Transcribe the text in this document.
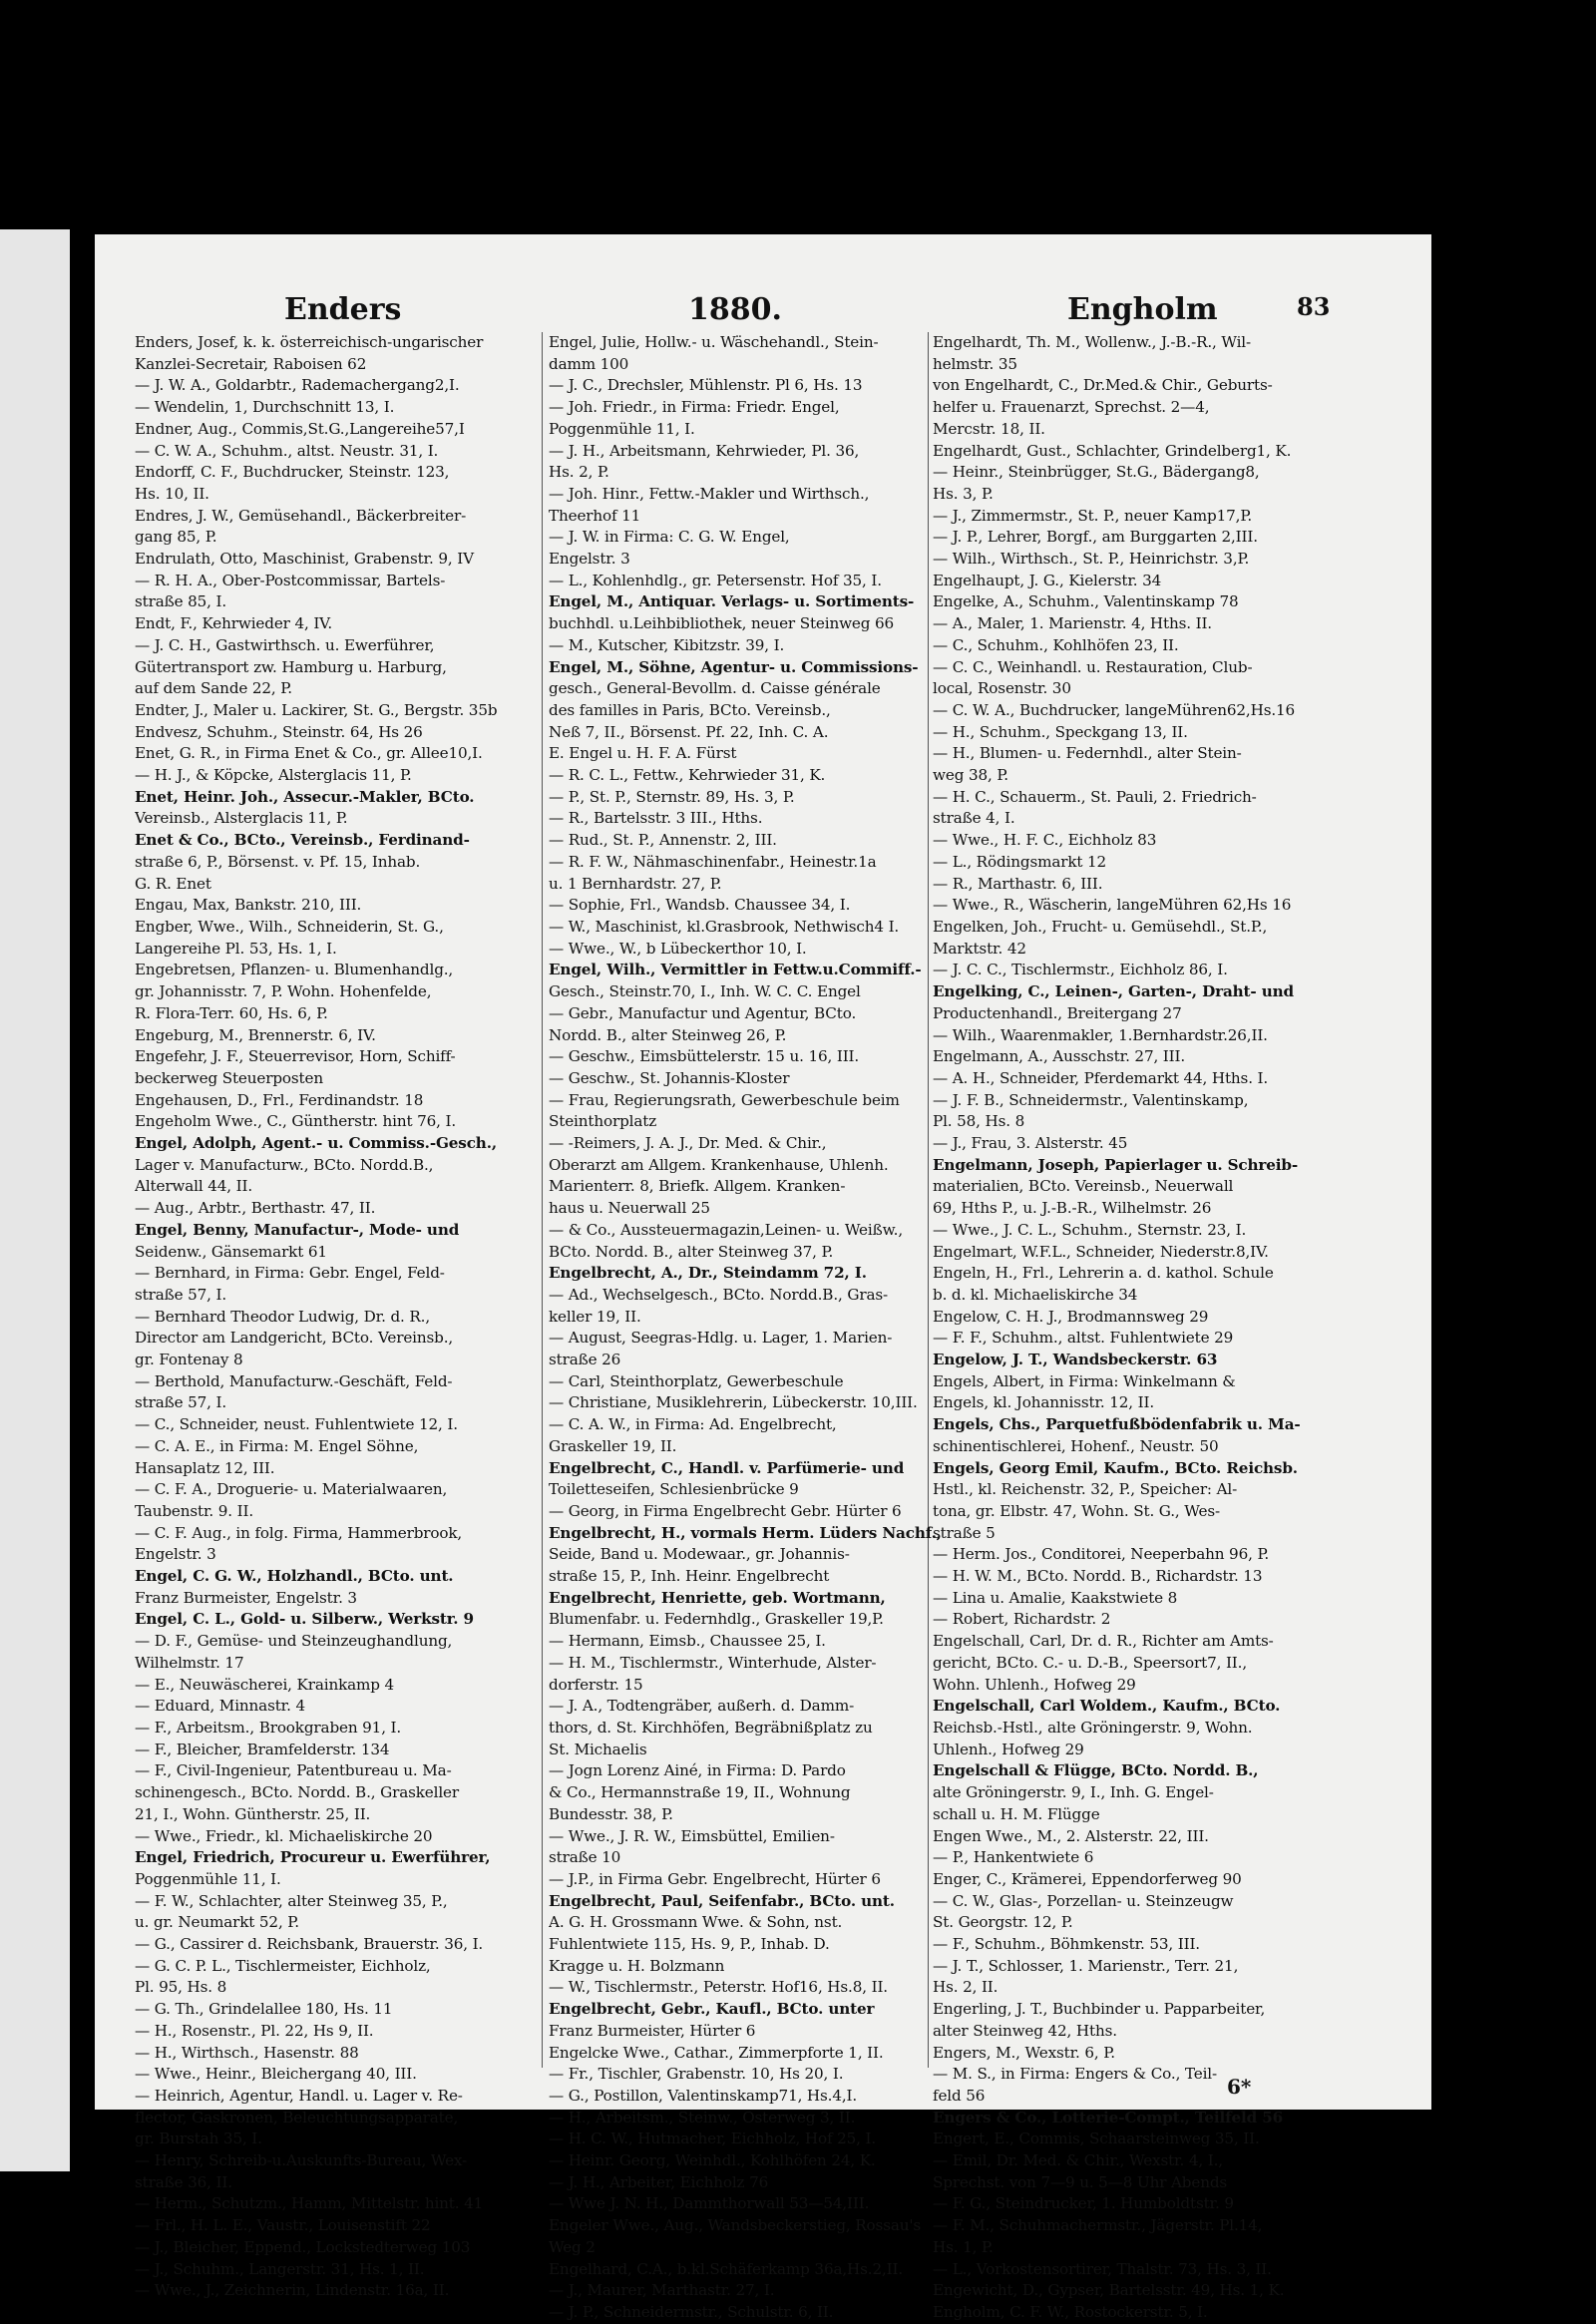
Enders	1880.	Engholm	83
Enders, Josef, k. k. österreichisch-ungarischer
Kanzlei-Secretair, Raboisen 62
— J. W. A., Goldarbtr., Rademachergang2,I.
— Wendelin, 1, Durchschnitt 13, I.
Endner, Aug., Commis,St.G.,Langereihe57,I
— C. W. A., Schuhm., altst. Neustr. 31, I.
Endorff, C. F., Buchdrucker, Steinstr. 123,
Hs. 10, II.
Endres, J. W., Gemüsehandl., Bäckerbreiter-
gang 85, P.
Endrulath, Otto, Maschinist, Grabenstr. 9, IV
— R. H. A., Ober-Postcommissar, Bartels-
straße 85, I.
Endt, F., Kehrwieder 4, IV.
— J. C. H., Gastwirthsch. u. Ewerführer,
Gütertransport zw. Hamburg u. Harburg,
auf dem Sande 22, P.
Endter, J., Maler u. Lackirer, St. G., Bergstr. 35b
Endvesz, Schuhm., Steinstr. 64, Hs 26
Enet, G. R., in Firma Enet & Co., gr. Allee10,I.
— H. J., & Köpcke, Alsterglacis 11, P.
Enet, Heinr. Joh., Assecur.-Makler, BCto.
Vereinsb., Alsterglacis 11, P.
Enet & Co., BCto., Vereinsb., Ferdinand-
straße 6, P., Börsenst. v. Pf. 15, Inhab.
G. R. Enet
Engau, Max, Bankstr. 210, III.
Engber, Wwe., Wilh., Schneiderin, St. G.,
Langereihe Pl. 53, Hs. 1, I.
Engebretsen, Pflanzen- u. Blumenhandlg.,
gr. Johannisstr. 7, P. Wohn. Hohenfelde,
R. Flora-Terr. 60, Hs. 6, P.
Engeburg, M., Brennerstr. 6, IV.
Engefehr, J. F., Steuerrevisor, Horn, Schiff-
beckerweg Steuerposten
Engehausen, D., Frl., Ferdinandstr. 18
Engeholm Wwe., C., Güntherstr. hint 76, I.
Engel, Adolph, Agent.- u. Commiss.-Gesch.,
Lager v. Manufacturw., BCto. Nordd.B.,
Alterwall 44, II.
— Aug., Arbtr., Berthastr. 47, II.
Engel, Benny, Manufactur-, Mode- und
Seidenw., Gänsemarkt 61
— Bernhard, in Firma: Gebr. Engel, Feld-
straße 57, I.
— Bernhard Theodor Ludwig, Dr. d. R.,
Director am Landgericht, BCto. Vereinsb.,
gr. Fontenay 8
— Berthold, Manufacturw.-Geschäft, Feld-
straße 57, I.
— C., Schneider, neust. Fuhlentwiete 12, I.
— C. A. E., in Firma: M. Engel Söhne,
Hansaplatz 12, III.
— C. F. A., Droguerie- u. Materialwaaren,
Taubenstr. 9. II.
— C. F. Aug., in folg. Firma, Hammerbrook,
Engelstr. 3
Engel, C. G. W., Holzhandl., BCto. unt.
Franz Burmeister, Engelstr. 3
Engel, C. L., Gold- u. Silberw., Werkstr. 9
— D. F., Gemüse- und Steinzeughandlung,
Wilhelmstr. 17
— E., Neuwäscherei, Krainkamp 4
— Eduard, Minnastr. 4
— F., Arbeitsm., Brookgraben 91, I.
— F., Bleicher, Bramfelderstr. 134
— F., Civil-Ingenieur, Patentbureau u. Ma-
schinengesch., BCto. Nordd. B., Graskeller
21, I., Wohn. Güntherstr. 25, II.
— Wwe., Friedr., kl. Michaeliskirche 20
Engel, Friedrich, Procureur u. Ewerführer,
Poggenmühle 11, I.
— F. W., Schlachter, alter Steinweg 35, P.,
u. gr. Neumarkt 52, P.
— G., Cassirer d. Reichsbank, Brauerstr. 36, I.
— G. C. P. L., Tischlermeister, Eichholz,
Pl. 95, Hs. 8
— G. Th., Grindelallee 180, Hs. 11
— H., Rosenstr., Pl. 22, Hs 9, II.
— H., Wirthsch., Hasenstr. 88
— Wwe., Heinr., Bleichergang 40, III.
— Heinrich, Agentur, Handl. u. Lager v. Re-
flector, Gaskronen, Beleuchtungsapparate,
gr. Burstah 35, I.
— Henry, Schreib-u.Auskunfts-Bureau, Wex-
straße 36, II.
— Herm., Schutzm., Hamm, Mittelstr. hint. 41
— Frl., H. L. E., Vaustr., Louisenstift 22
— J., Bleicher, Eppend., Lockstedterweg 103
— J., Schuhm., Langerstr. 31, Hs. 1, II.
— Wwe., J., Zeichnerin, Lindenstr. 16a, II.
Engel, Julie, Hollw.- u. Wäschehandl., Stein-
damm 100
— J. C., Drechsler, Mühlenstr. Pl 6, Hs. 13
— Joh. Friedr., in Firma: Friedr. Engel,
Poggenmühle 11, I.
— J. H., Arbeitsmann, Kehrwieder, Pl. 36,
Hs. 2, P.
— Joh. Hinr., Fettw.-Makler und Wirthsch.,
Theerhof 11
— J. W. in Firma: C. G. W. Engel,
Engelstr. 3
— L., Kohlenhdlg., gr. Petersenstr. Hof 35, I.
Engel, M., Antiquar. Verlags- u. Sortiments-
buchhdl. u.Leihbibliothek, neuer Steinweg 66
— M., Kutscher, Kibitzstr. 39, I.
Engel, M., Söhne, Agentur- u. Commissions-
gesch., General-Bevollm. d. Caisse générale
des familles in Paris, BCto. Vereinsb.,
Neß 7, II., Börsenst. Pf. 22, Inh. C. A.
E. Engel u. H. F. A. Fürst
— R. C. L., Fettw., Kehrwieder 31, K.
— P., St. P., Sternstr. 89, Hs. 3, P.
— R., Bartelsstr. 3 III., Hths.
— Rud., St. P., Annenstr. 2, III.
— R. F. W., Nähmaschinenfabr., Heinestr.1a
u. 1 Bernhardstr. 27, P.
— Sophie, Frl., Wandsb. Chaussee 34, I.
— W., Maschinist, kl.Grasbrook, Nethwisch4 I.
— Wwe., W., b Lübeckerthor 10, I.
Engel, Wilh., Vermittler in Fettw.u.Commiff.-
Gesch., Steinstr.70, I., Inh. W. C. C. Engel
— Gebr., Manufactur und Agentur, BCto.
Nordd. B., alter Steinweg 26, P.
— Geschw., Eimsbüttelerstr. 15 u. 16, III.
— Geschw., St. Johannis-Kloster
— Frau, Regierungsrath, Gewerbeschule beim
Steinthorplatz
— -Reimers, J. A. J., Dr. Med. & Chir.,
Oberarzt am Allgem. Krankenhause, Uhlenh.
Marienterr. 8, Briefk. Allgem. Kranken-
haus u. Neuerwall 25
— & Co., Aussteuermagazin,Leinen- u. Weißw.,
BCto. Nordd. B., alter Steinweg 37, P.
Engelbrecht, A., Dr., Steindamm 72, I.
— Ad., Wechselgesch., BCto. Nordd.B., Gras-
keller 19, II.
— August, Seegras-Hdlg. u. Lager, 1. Marien-
straße 26
— Carl, Steinthorplatz, Gewerbeschule
— Christiane, Musiklehrerin, Lübeckerstr. 10,III.
— C. A. W., in Firma: Ad. Engelbrecht,
Graskeller 19, II.
Engelbrecht, C., Handl. v. Parfümerie- und
Toiletteseifen, Schlesienbrücke 9
— Georg, in Firma Engelbrecht Gebr. Hürter 6
Engelbrecht, H., vormals Herm. Lüders Nachf.,
Seide, Band u. Modewaar., gr. Johannis-
straße 15, P., Inh. Heinr. Engelbrecht
Engelbrecht, Henriette, geb. Wortmann,
Blumenfabr. u. Federnhdlg., Graskeller 19,P.
— Hermann, Eimsb., Chaussee 25, I.
— H. M., Tischlermstr., Winterhude, Alster-
dorferstr. 15
— J. A., Todtengräber, außerh. d. Damm-
thors, d. St. Kirchhöfen, Begräbnißplatz zu
St. Michaelis
— Jogn Lorenz Ainé, in Firma: D. Pardo
& Co., Hermannstraße 19, II., Wohnung
Bundesstr. 38, P.
— Wwe., J. R. W., Eimsbüttel, Emilien-
straße 10
— J.P., in Firma Gebr. Engelbrecht, Hürter 6
Engelbrecht, Paul, Seifenfabr., BCto. unt.
A. G. H. Grossmann Wwe. & Sohn, nst.
Fuhlentwiete 115, Hs. 9, P., Inhab. D.
Kragge u. H. Bolzmann
— W., Tischlermstr., Peterstr. Hof16, Hs.8, II.
Engelbrecht, Gebr., Kaufl., BCto. unter
Franz Burmeister, Hürter 6
Engelcke Wwe., Cathar., Zimmerpforte 1, II.
— Fr., Tischler, Grabenstr. 10, Hs 20, I.
— G., Postillon, Valentinskamp71, Hs.4,I.
— H., Arbeitsm., Steinw., Osterweg 3, II.
— H. C. W., Hutmacher, Eichholz, Hof 25, I.
— Heinr. Georg, Weinhdl., Kohlhöfen 24, K.
— J. H., Arbeiter, Eichholz 76
— Wwe J. N. H., Dammthorwall 53—54,III.
Engeler Wwe., Aug., Wandsbeckerstieg, Rossau's
Weg 2
Engelhard, C.A., b.kl.Schäferkamp 36a,Hs.2,II.
— J., Maurer, Marthastr. 27, I.
— J. P., Schneidermstr., Schulstr. 6, II.
Engelhardt, Th. M., Wollenw., J.-B.-R., Wil-
helmstr. 35
von Engelhardt, C., Dr.Med.& Chir., Geburts-
helfer u. Frauenarzt, Sprechst. 2—4,
Mercstr. 18, II.
Engelhardt, Gust., Schlachter, Grindelberg1, K.
— Heinr., Steinbrügger, St.G., Bädergang8,
Hs. 3, P.
— J., Zimmermstr., St. P., neuer Kamp17,P.
— J. P., Lehrer, Borgf., am Burggarten 2,III.
— Wilh., Wirthsch., St. P., Heinrichstr. 3,P.
Engelhaupt, J. G., Kielerstr. 34
Engelke, A., Schuhm., Valentinskamp 78
— A., Maler, 1. Marienstr. 4, Hths. II.
— C., Schuhm., Kohlhöfen 23, II.
— C. C., Weinhandl. u. Restauration, Club-
local, Rosenstr. 30
— C. W. A., Buchdrucker, langeMühren62,Hs.16
— H., Schuhm., Speckgang 13, II.
— H., Blumen- u. Federnhdl., alter Stein-
weg 38, P.
— H. C., Schauerm., St. Pauli, 2. Friedrich-
straße 4, I.
— Wwe., H. F. C., Eichholz 83
— L., Rödingsmarkt 12
— R., Marthastr. 6, III.
— Wwe., R., Wäscherin, langeMühren 62,Hs 16
Engelken, Joh., Frucht- u. Gemüsehdl., St.P.,
Marktstr. 42
— J. C. C., Tischlermstr., Eichholz 86, I.
Engelking, C., Leinen-, Garten-, Draht- und
Productenhandl., Breitergang 27
— Wilh., Waarenmakler, 1.Bernhardstr.26,II.
Engelmann, A., Ausschstr. 27, III.
— A. H., Schneider, Pferdemarkt 44, Hths. I.
— J. F. B., Schneidermstr., Valentinskamp,
Pl. 58, Hs. 8
— J., Frau, 3. Alsterstr. 45
Engelmann, Joseph, Papierlager u. Schreib-
materialien, BCto. Vereinsb., Neuerwall
69, Hths P., u. J.-B.-R., Wilhelmstr. 26
— Wwe., J. C. L., Schuhm., Sternstr. 23, I.
Engelmart, W.F.L., Schneider, Niederstr.8,IV.
Engeln, H., Frl., Lehrerin a. d. kathol. Schule
b. d. kl. Michaeliskirche 34
Engelow, C. H. J., Brodmannsweg 29
— F. F., Schuhm., altst. Fuhlentwiete 29
Engelow, J. T., Wandsbeckerstr. 63
Engels, Albert, in Firma: Winkelmann &
Engels, kl. Johannisstr. 12, II.
Engels, Chs., Parquetfußbödenfabrik u. Ma-
schinentischlerei, Hohenf., Neustr. 50
Engels, Georg Emil, Kaufm., BCto. Reichsb.
Hstl., kl. Reichenstr. 32, P., Speicher: Al-
tona, gr. Elbstr. 47, Wohn. St. G., Wes-
straße 5
— Herm. Jos., Conditorei, Neeperbahn 96, P.
— H. W. M., BCto. Nordd. B., Richardstr. 13
— Lina u. Amalie, Kaakstwiete 8
— Robert, Richardstr. 2
Engelschall, Carl, Dr. d. R., Richter am Amts-
gericht, BCto. C.- u. D.-B., Speersort7, II.,
Wohn. Uhlenh., Hofweg 29
Engelschall, Carl Woldem., Kaufm., BCto.
Reichsb.-Hstl., alte Gröningerstr. 9, Wohn.
Uhlenh., Hofweg 29
Engelschall & Flügge, BCto. Nordd. B.,
alte Gröningerstr. 9, I., Inh. G. Engel-
schall u. H. M. Flügge
Engen Wwe., M., 2. Alsterstr. 22, III.
— P., Hankentwiete 6
Enger, C., Krämerei, Eppendorferweg 90
— C. W., Glas-, Porzellan- u. Steinzeugw
St. Georgstr. 12, P.
— F., Schuhm., Böhmkenstr. 53, III.
— J. T., Schlosser, 1. Marienstr., Terr. 21,
Hs. 2, II.
Engerling, J. T., Buchbinder u. Papparbeiter,
alter Steinweg 42, Hths.
Engers, M., Wexstr. 6, P.
— M. S., in Firma: Engers & Co., Teil-
feld 56
Engers & Co., Lotterie-Compt., Teilfeld 56
Engert, E., Commis, Schaarsteinweg 35, II.
— Emil, Dr. Med. & Chir., Wexstr. 4, I.,
Sprechst. von 7—9 u. 5—8 Uhr Abends
— F. G., Steindrucker, 1. Humboldtstr. 9
— F. M., Schuhmachermstr., Jägerstr. Pl.14,
Hs. 1, P.
— L., Vorkostensortirer, Thalstr. 73, Hs. 3, II.
Engewicht, D., Gypser, Bartelsstr. 49, Hs. 1, K.
Engholm, C. F. W., Rostockerstr. 5, I.
6*
